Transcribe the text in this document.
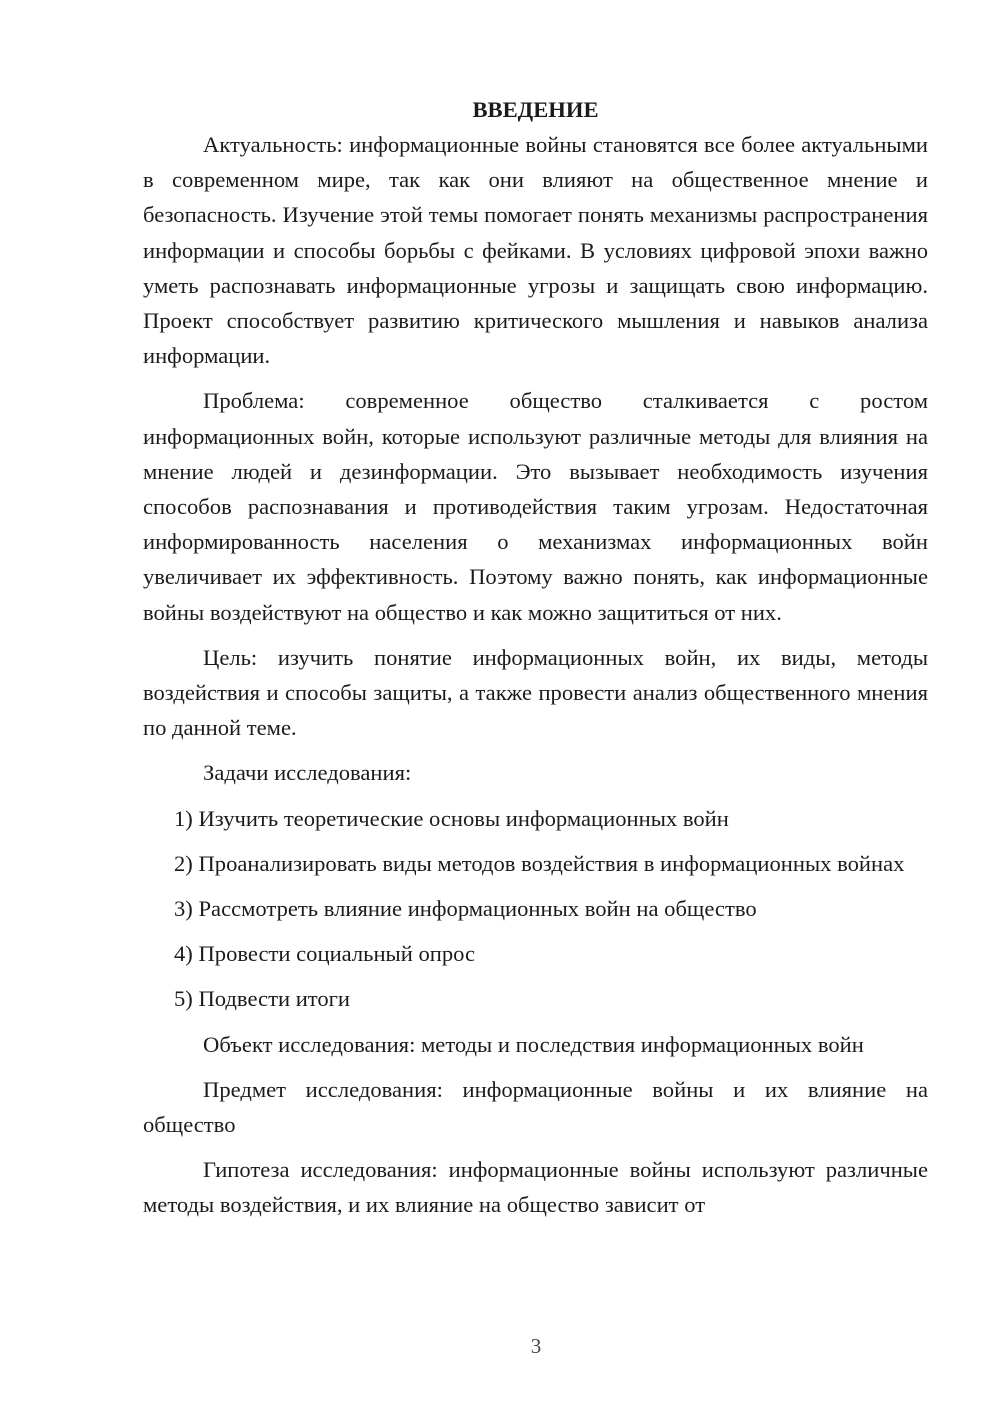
ВВЕДЕНИЕ

Актуальность: информационные войны становятся все более актуальными в современном мире, так как они влияют на общественное мнение и безопасность. Изучение этой темы помогает понять механизмы распространения информации и способы борьбы с фейками. В условиях цифровой эпохи важно уметь распознавать информационные угрозы и защищать свою информацию. Проект способствует развитию критического мышления и навыков анализа информации.

Проблема: современное общество сталкивается с ростом информационных войн, которые используют различные методы для влияния на мнение людей и дезинформации. Это вызывает необходимость изучения способов распознавания и противодействия таким угрозам. Недостаточная информированность населения о механизмах информационных войн увеличивает их эффективность. Поэтому важно понять, как информационные войны воздействуют на общество и как можно защититься от них.

Цель: изучить понятие информационных войн, их виды, методы воздействия и способы защиты, а также провести анализ общественного мнения по данной теме.

Задачи исследования:

1) Изучить теоретические основы информационных войн

2) Проанализировать виды методов воздействия в информационных войнах

3) Рассмотреть влияние информационных войн на общество

4) Провести социальный опрос

5) Подвести итоги

Объект исследования: методы и последствия информационных войн

Предмет исследования: информационные войны и их влияние на общество

Гипотеза исследования: информационные войны используют различные методы воздействия, и их влияние на общество зависит от

3
